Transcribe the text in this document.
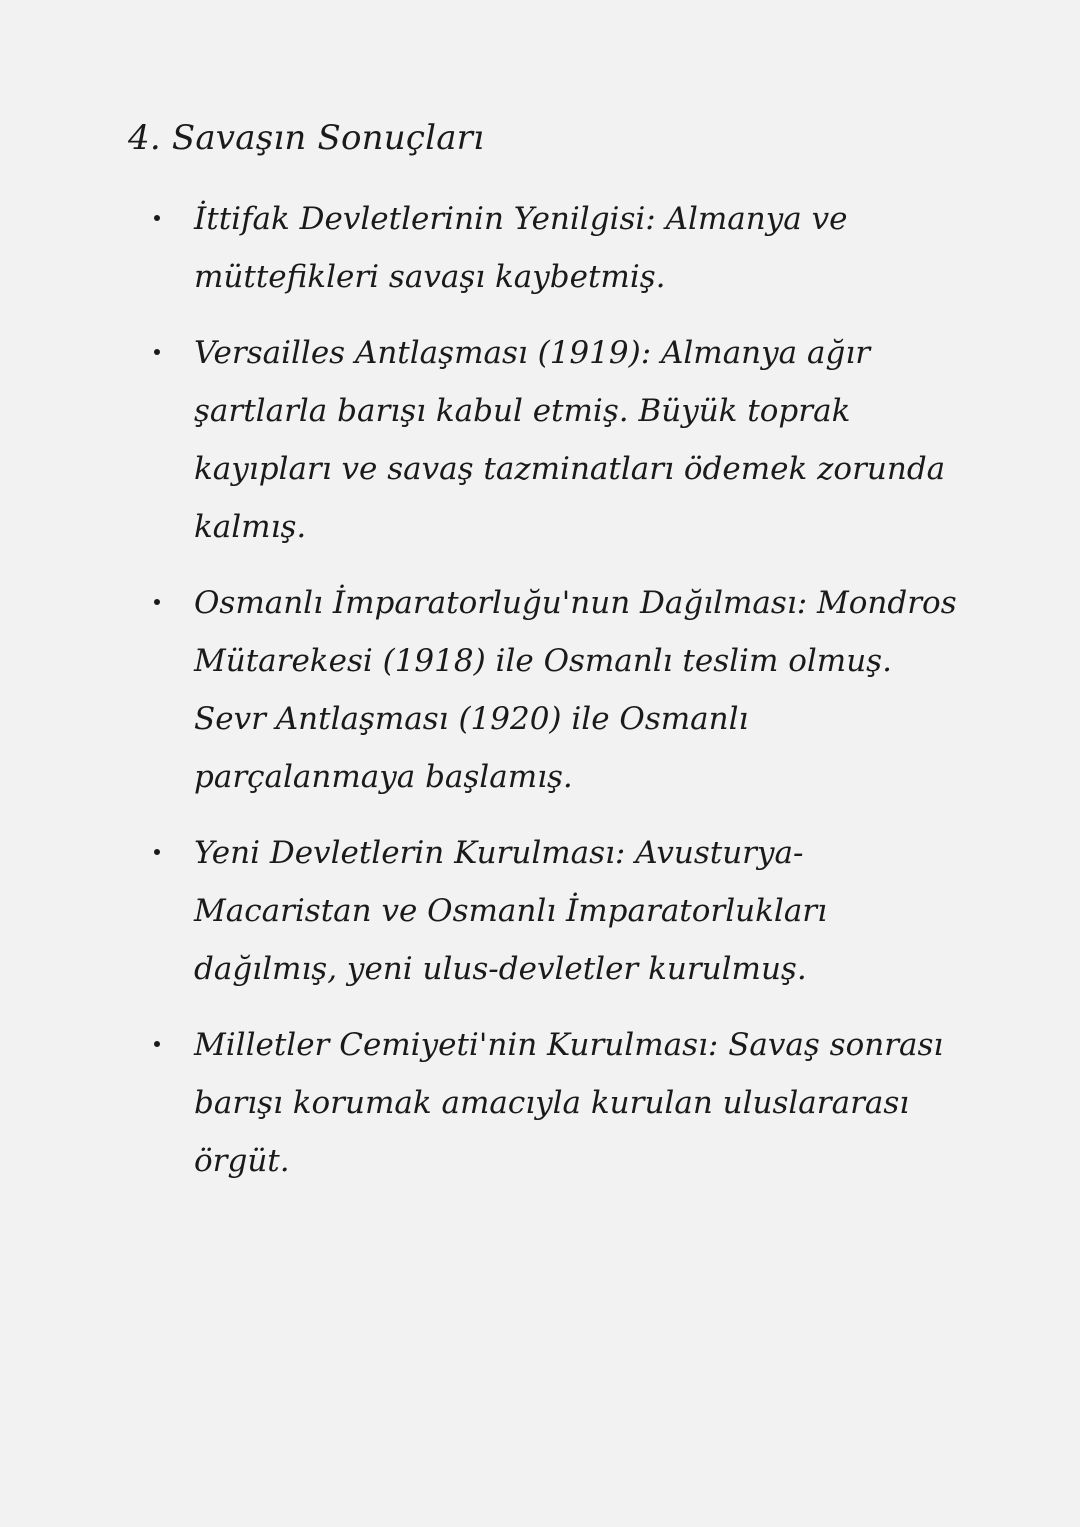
4. Savaşın Sonuçları
İttifak Devletlerinin Yenilgisi: Almanya ve müttefikleri savaşı kaybetmiş.
Versailles Antlaşması (1919): Almanya ağır şartlarla barışı kabul etmiş. Büyük toprak kayıpları ve savaş tazminatları ödemek zorunda kalmış.
Osmanlı İmparatorluğu'nun Dağılması: Mondros Mütarekesi (1918) ile Osmanlı teslim olmuş. Sevr Antlaşması (1920) ile Osmanlı parçalanmaya başlamış.
Yeni Devletlerin Kurulması: Avusturya-Macaristan ve Osmanlı İmparatorlukları dağılmış, yeni ulus-devletler kurulmuş.
Milletler Cemiyeti'nin Kurulması: Savaş sonrası barışı korumak amacıyla kurulan uluslararası örgüt.
